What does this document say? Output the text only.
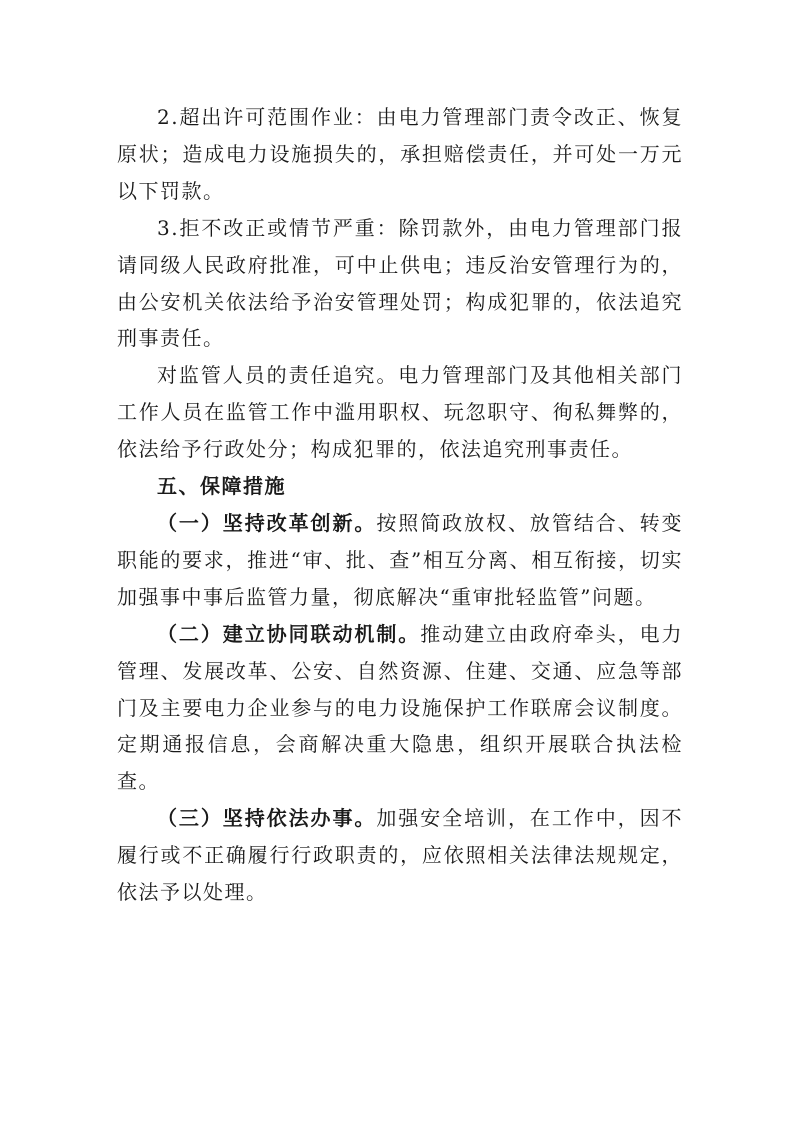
2.超出许可范围作业：由电力管理部门责令改正、恢复原状；造成电力设施损失的，承担赔偿责任，并可处一万元以下罚款。

3.拒不改正或情节严重：除罚款外，由电力管理部门报请同级人民政府批准，可中止供电；违反治安管理行为的，由公安机关依法给予治安管理处罚；构成犯罪的，依法追究刑事责任。

对监管人员的责任追究。电力管理部门及其他相关部门工作人员在监管工作中滥用职权、玩忽职守、徇私舞弊的，依法给予行政处分；构成犯罪的，依法追究刑事责任。

五、保障措施

（一）坚持改革创新。按照简政放权、放管结合、转变职能的要求，推进“审、批、查”相互分离、相互衔接，切实加强事中事后监管力量，彻底解决“重审批轻监管”问题。

（二）建立协同联动机制。推动建立由政府牵头，电力管理、发展改革、公安、自然资源、住建、交通、应急等部门及主要电力企业参与的电力设施保护工作联席会议制度。定期通报信息，会商解决重大隐患，组织开展联合执法检查。

（三）坚持依法办事。加强安全培训，在工作中，因不履行或不正确履行行政职责的，应依照相关法律法规规定，依法予以处理。
